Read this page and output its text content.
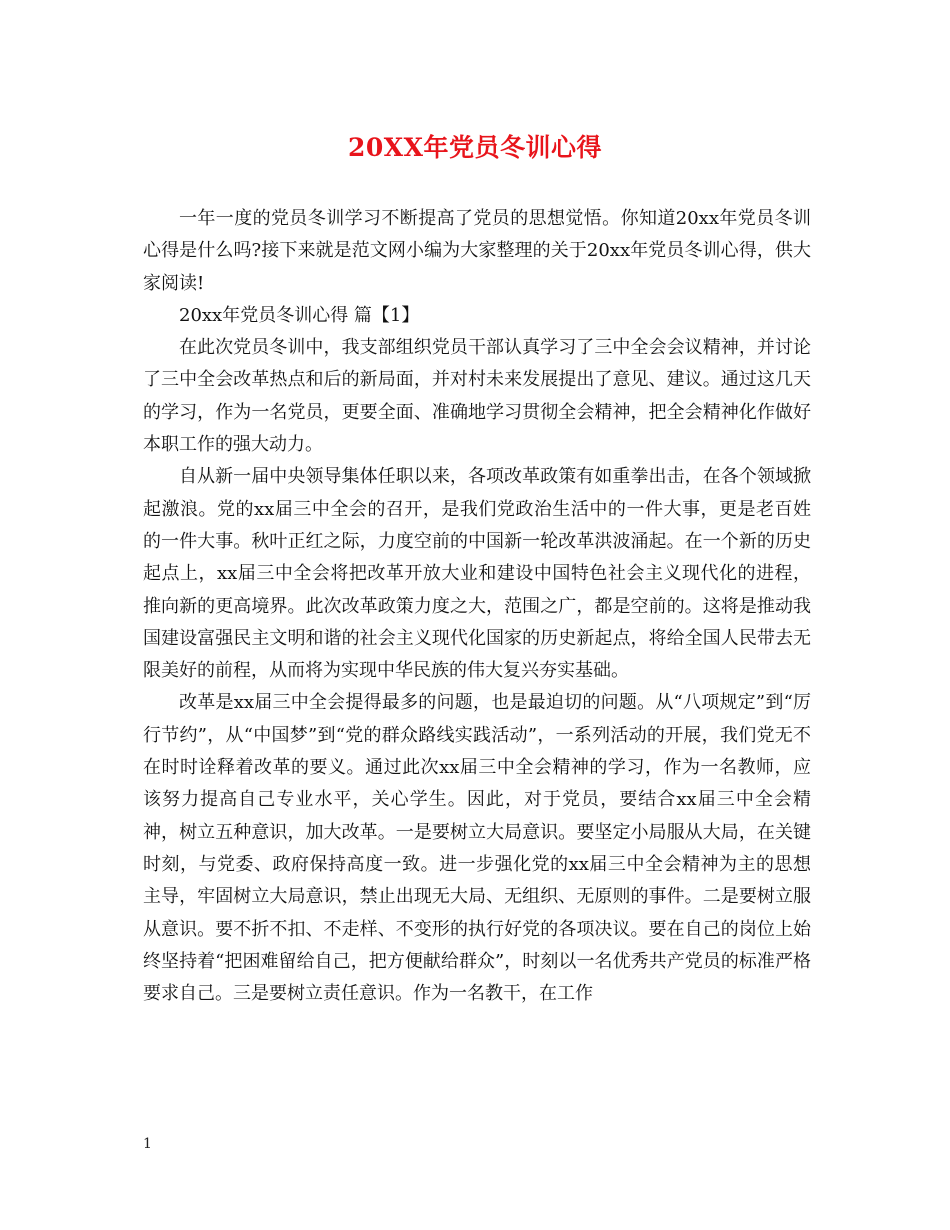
20XX年党员冬训心得

一年一度的党员冬训学习不断提高了党员的思想觉悟。你知道20xx年党员冬训心得是什么吗?接下来就是范文网小编为大家整理的关于20xx年党员冬训心得，供大家阅读!

20xx年党员冬训心得 篇【1】

在此次党员冬训中，我支部组织党员干部认真学习了三中全会会议精神，并讨论了三中全会改革热点和后的新局面，并对村未来发展提出了意见、建议。通过这几天的学习，作为一名党员，更要全面、准确地学习贯彻全会精神，把全会精神化作做好本职工作的强大动力。

自从新一届中央领导集体任职以来，各项改革政策有如重拳出击，在各个领域掀起激浪。党的xx届三中全会的召开，是我们党政治生活中的一件大事，更是老百姓的一件大事。秋叶正红之际，力度空前的中国新一轮改革洪波涌起。在一个新的历史起点上，xx届三中全会将把改革开放大业和建设中国特色社会主义现代化的进程，推向新的更高境界。此次改革政策力度之大，范围之广，都是空前的。这将是推动我国建设富强民主文明和谐的社会主义现代化国家的历史新起点，将给全国人民带去无限美好的前程，从而将为实现中华民族的伟大复兴夯实基础。

改革是xx届三中全会提得最多的问题，也是最迫切的问题。从“八项规定”到“厉行节约”，从“中国梦”到“党的群众路线实践活动”，一系列活动的开展，我们党无不在时时诠释着改革的要义。通过此次xx届三中全会精神的学习，作为一名教师，应该努力提高自己专业水平，关心学生。因此，对于党员，要结合xx届三中全会精神，树立五种意识，加大改革。一是要树立大局意识。要坚定小局服从大局，在关键时刻，与党委、政府保持高度一致。进一步强化党的xx届三中全会精神为主的思想主导，牢固树立大局意识，禁止出现无大局、无组织、无原则的事件。二是要树立服从意识。要不折不扣、不走样、不变形的执行好党的各项决议。要在自己的岗位上始终坚持着“把困难留给自己，把方便献给群众”，时刻以一名优秀共产党员的标准严格要求自己。三是要树立责任意识。作为一名教干，在工作

1
